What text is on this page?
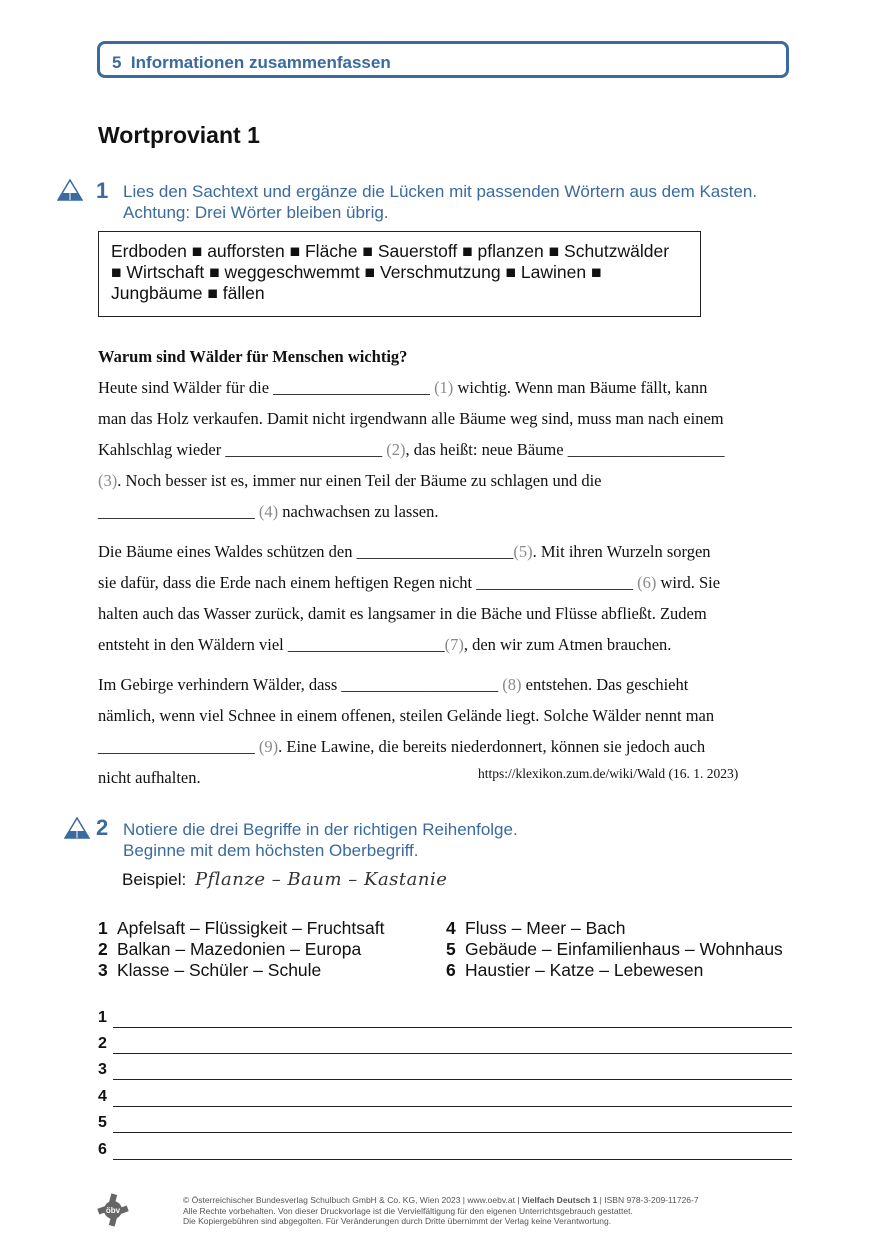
5 Informationen zusammenfassen
Wortproviant 1
1 Lies den Sachtext und ergänze die Lücken mit passenden Wörtern aus dem Kasten.
Achtung: Drei Wörter bleiben übrig.
Erdboden ■ aufforsten ■ Fläche ■ Sauerstoff ■ pflanzen ■ Schutzwälder
■ Wirtschaft ■ weggeschwemmt ■ Verschmutzung ■ Lawinen ■
Jungbäume ■ fällen
Warum sind Wälder für Menschen wichtig?
Heute sind Wälder für die ___________________ (1) wichtig. Wenn man Bäume fällt, kann
man das Holz verkaufen. Damit nicht irgendwann alle Bäume weg sind, muss man nach einem
Kahlschlag wieder ___________________ (2), das heißt: neue Bäume ___________________
(3). Noch besser ist es, immer nur einen Teil der Bäume zu schlagen und die
___________________ (4) nachwachsen zu lassen.
Die Bäume eines Waldes schützen den ___________________(5). Mit ihren Wurzeln sorgen
sie dafür, dass die Erde nach einem heftigen Regen nicht ___________________ (6) wird. Sie
halten auch das Wasser zurück, damit es langsamer in die Bäche und Flüsse abfließt. Zudem
entsteht in den Wäldern viel ___________________(7), den wir zum Atmen brauchen.
Im Gebirge verhindern Wälder, dass ___________________ (8) entstehen. Das geschieht
nämlich, wenn viel Schnee in einem offenen, steilen Gelände liegt. Solche Wälder nennt man
___________________ (9). Eine Lawine, die bereits niederdonnert, können sie jedoch auch
nicht aufhalten.	https://klexikon.zum.de/wiki/Wald (16. 1. 2023)
2 Notiere die drei Begriffe in der richtigen Reihenfolge.
Beginne mit dem höchsten Oberbegriff.
Beispiel: Pflanze – Baum – Kastanie
1 Apfelsaft – Flüssigkeit – Fruchtsaft
2 Balkan – Mazedonien – Europa
3 Klasse – Schüler – Schule
4 Fluss – Meer – Bach
5 Gebäude – Einfamilienhaus – Wohnhaus
6 Haustier – Katze – Lebewesen
1
2
3
4
5
6
öbv
© Österreichischer Bundesverlag Schulbuch GmbH & Co. KG, Wien 2023 | www.oebv.at | Vielfach Deutsch 1 | ISBN 978-3-209-11726-7
Alle Rechte vorbehalten. Von dieser Druckvorlage ist die Vervielfältigung für den eigenen Unterrichtsgebrauch gestattet.
Die Kopiergebühren sind abgegolten. Für Veränderungen durch Dritte übernimmt der Verlag keine Verantwortung.
